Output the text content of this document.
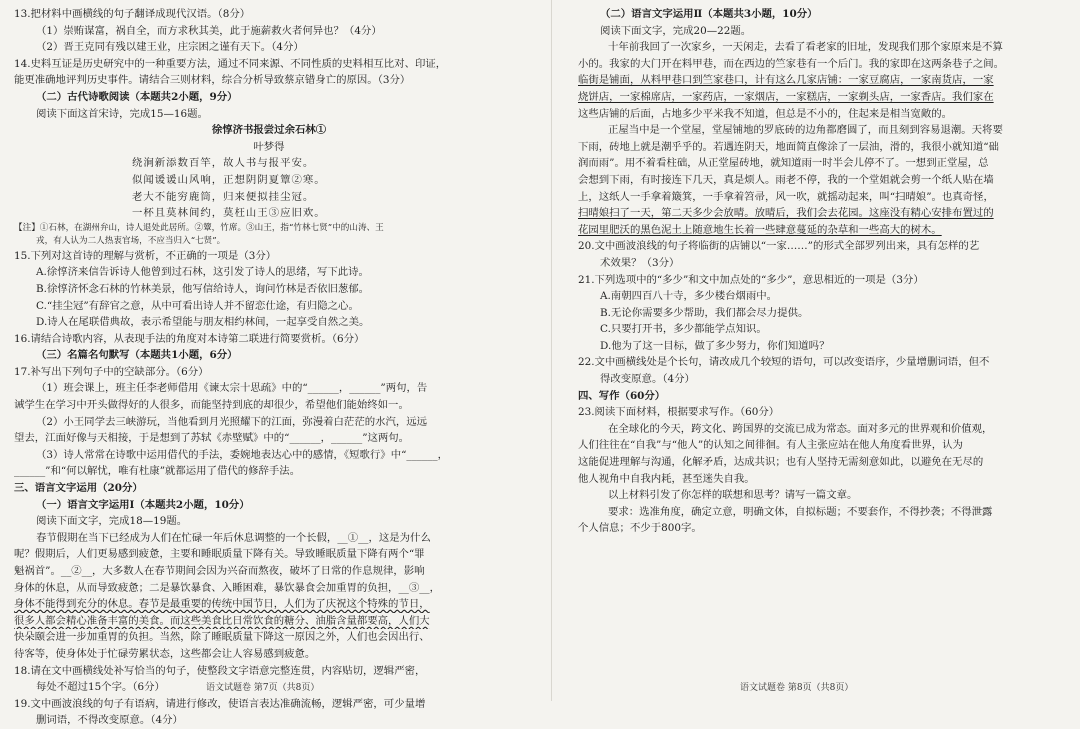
13.把材料中画横线的句子翻译成现代汉语。（8分）
（1）崇贿谋富，祸自全，而方求秋其美，此于施薪救火者何异也？（4分）
（2）晋王克同有残以建王业，庄宗困之谨有天下。（4分）
14.史料互证是历史研究中的一种重要方法，通过不同来源、不同性质的史料相互比对、印证，
能更准确地评判历史事件。请结合三则材料，综合分析导致蔡京错身亡的原因。（3分）
（二）古代诗歌阅读（本题共2小题，9分）
阅读下面这首宋诗，完成15—16题。
徐惇济书报尝过余石林①
叶梦得
绕涧新添数百竿，故人书与报平安。
似闻谖谖山风响，正想阴阴夏簟②寒。
老大不能穷鹿筒，归来便拟挂尘冠。
一杯且莫林间约，莫枉山王③应旧欢。
【注】①石林，在湖州弁山，诗人退处此居所。②簟，竹席。③山王，指“竹林七贤”中的山涛、王
戎，有人认为二人热衷官场，不应当归入“七贤”。
15.下列对这首诗的理解与赏析，不正确的一项是（3分）
A.徐惇济来信告诉诗人他曾到过石林，这引发了诗人的思绪，写下此诗。
B.徐惇济怀念石林的竹林美景，他写信给诗人，询问竹林是否依旧葱郁。
C.“挂尘冠”有辞官之意，从中可看出诗人并不留恋仕途，有归隐之心。
D.诗人在尾联借典故，表示希望能与朋友相约林间，一起享受自然之美。
16.请结合诗歌内容，从表现手法的角度对本诗第二联进行简要赏析。（6分）
（三）名篇名句默写（本题共1小题，6分）
17.补写出下列句子中的空缺部分。（6分）
（1）班会课上，班主任李老师借用《谏太宗十思疏》中的“______，______”两句，告
诫学生在学习中开头做得好的人很多，而能坚持到底的却很少，希望他们能始终如一。
（2）小王同学去三峡游玩，当他看到月光照耀下的江面，弥漫着白茫茫的水汽，远远
望去，江面好像与天相接，于是想到了苏轼《赤壁赋》中的“______，______”这两句。
（3）诗人常常在诗歌中运用借代的手法，委婉地表达心中的感情，《短歌行》中“______，
______”和“何以解忧，唯有杜康”就都运用了借代的修辞手法。
三、语言文字运用（20分）
（一）语言文字运用Ⅰ（本题共2小题，10分）
阅读下面文字，完成18—19题。
春节假期在当下已经成为人们在忙碌一年后休息调整的一个长假，__①__，这是为什么
呢？假期后，人们更易感到疲惫，主要和睡眠质量下降有关。导致睡眠质量下降有两个“罪
魁祸首”。__②__，大多数人在春节期间会因为兴奋而熬夜，破坏了日常的作息规律，影响
身体的休息，从而导致疲惫；二是暴饮暴食、入睡困难，暴饮暴食会加重胃的负担，__③__，
身体不能得到充分的休息。春节是最重要的传统中国节日，人们为了庆祝这个特殊的节日，
很多人都会精心准备丰富的美食。而这些美食比日常饮食的糖分、油脂含量都要高，人们大
快朵颐会进一步加重胃的负担。当然，除了睡眠质量下降这一原因之外，人们也会因出行、
待客等，使身体处于忙碌劳累状态，这些都会让人容易感到疲惫。
18.请在文中画横线处补写恰当的句子，使整段文字语意完整连贯，内容贴切，逻辑严密，
每处不超过15个字。（6分）
19.文中画波浪线的句子有语病，请进行修改，使语言表达准确流畅，逻辑严密，可少量增
删词语，不得改变原意。（4分）
（二）语言文字运用Ⅱ（本题共3小题，10分）
阅读下面文字，完成20—22题。
十年前我回了一次家乡，一天闲走，去看了看老家的旧址，发现我们那个家原来是不算
小的。我家的大门开在料甲巷，而在西边的竺家巷有一个后门。我的家即在这两条巷子之间。
临街是铺面，从料甲巷口到竺家巷口，计有这么几家店铺：一家豆腐店，一家南货店，一家
烧饼店，一家棉席店，一家药店，一家烟店，一家糕店，一家剃头店，一家香店。我们家在
这些店铺的后面，占地多少平米我不知道，但总是不小的，住起来是相当宽敞的。
正屋当中是一个堂屋，堂屋铺地的罗底砖的边角都磨圆了，而且刻到容易退潮。天将要
下雨，砖地上就是潮乎乎的。若遇连阴天，地面简直像涂了一层油，滑的，我很小就知道“础
润而雨”。用不着看柱础，从正堂屋砖地，就知道雨一时半会儿停不了。一想到正堂屋，总
会想到下雨，有时接连下几天，真是烦人。雨老不停，我的一个堂姐就会剪一个纸人贴在墙
上，这纸人一手拿着簸箕，一手拿着笤帚，风一吹，就摇动起来，叫“扫晴娘”。也真奇怪，
扫晴娘扫了一天，第二天多少会放晴。放晴后，我们会去花园。这座没有精心安排布置过的
花园里肥沃的黑色泥土上随意地生长着一些肆意蔓延的杂草和一些高大的树木。
20.文中画波浪线的句子将临街的店铺以“一家……”的形式全部罗列出来，具有怎样的艺
术效果？（3分）
21.下列选项中的“多少”和文中加点处的“多少”，意思相近的一项是（3分）
A.南朝四百八十寺，多少楼台烟雨中。
B.无论你需要多少帮助，我们都会尽力提供。
C.只要打开书，多少都能学点知识。
D.他为了这一目标，做了多少努力，你们知道吗？
22.文中画横线处是个长句，请改成几个较短的语句，可以改变语序，少量增删词语，但不
得改变原意。（4分）
四、写作（60分）
23.阅读下面材料，根据要求写作。（60分）
在全球化的今天，跨文化、跨国界的交流已成为常态。面对多元的世界观和价值观，
人们往往在“自我”与“他人”的认知之间徘徊。有人主张应站在他人角度看世界，认为
这能促进理解与沟通，化解矛盾，达成共识；也有人坚持无需刻意如此，以避免在无尽的
他人视角中自我内耗，甚至迷失自我。
以上材料引发了你怎样的联想和思考？请写一篇文章。
要求：选准角度，确定立意，明确文体，自拟标题；不要套作，不得抄袭；不得泄露
个人信息；不少于800字。
语文试题卷 第7页（共8页）	语文试题卷 第8页（共8页）
